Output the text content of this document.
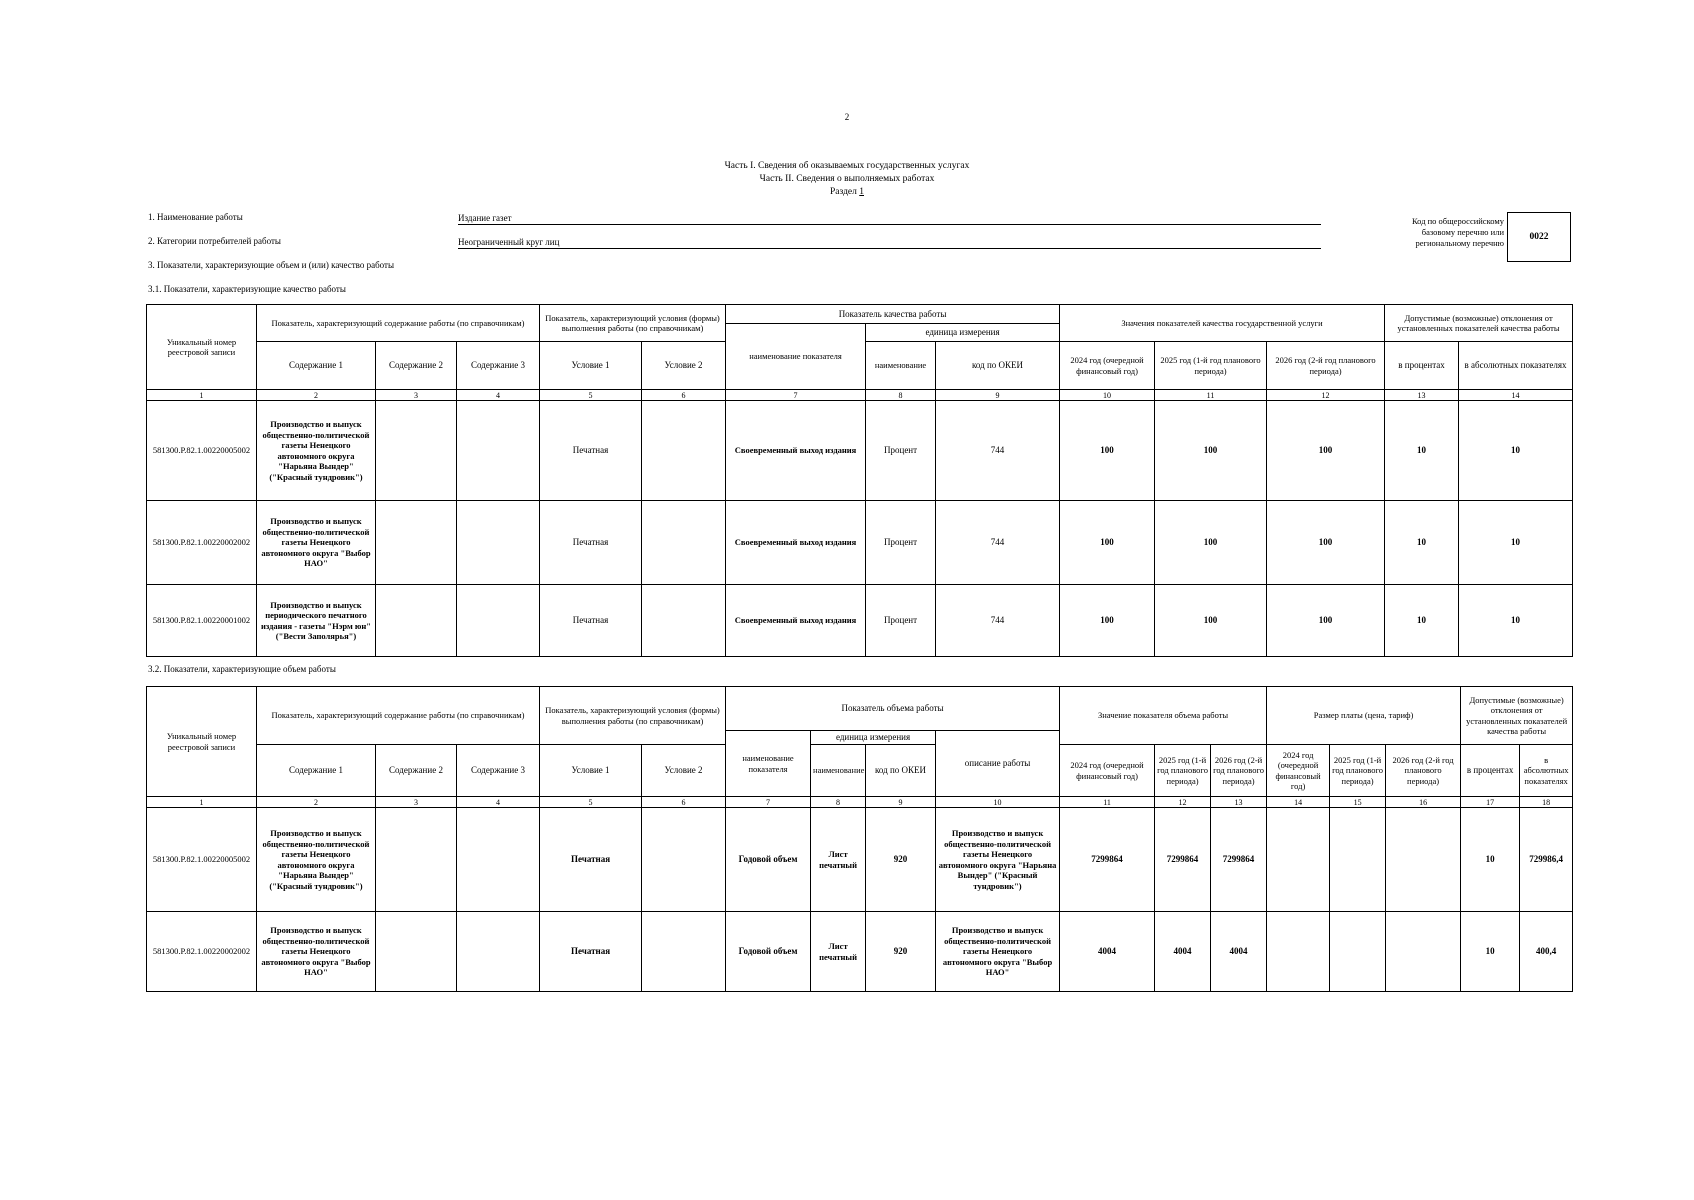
2
Часть I. Сведения об оказываемых государственных услугах
Часть II. Сведения о выполняемых работах
Раздел 1
1. Наименование работы	Издание газет
2. Категории потребителей работы	Неограниченный круг лиц
3. Показатели, характеризующие объем и (или) качество работы
3.1. Показатели, характеризующие качество работы
Код по общероссийскому базовому перечню или региональному перечню
0022
Уникальный номер реестровой записи	Показатель, характеризующий содержание работы (по справочникам)			Показатель, характеризующий условия (формы) выполнения работы (по справочникам)		Показатель качества работы			Значения показателей качества государственной услуги			Допустимые (возможные) отклонения от установленных показателей качества работы	
						наименование показателя	единица измерения						
	Содержание 1	Содержание 2	Содержание 3	Условие 1	Условие 2		наименование	код по ОКЕИ	2024 год (очередной финансовый год)	2025 год (1-й год планового периода)	2026 год (2-й год планового периода)	в процентах	в абсолютных показателях
1	2	3	4	5	6	7	8	9	10	11	12	13	14
581300.Р.82.1.00220005002	Производство и выпуск общественно-политической газеты Ненецкого автономного округа "Нарьяна Вындер" ("Красный тундровик")			Печатная		Своевременный выход издания	Процент	744	100	100	100	10	10
581300.Р.82.1.00220002002	Производство и выпуск общественно-политической газеты Ненецкого автономного округа "Выбор НАО"			Печатная		Своевременный выход издания	Процент	744	100	100	100	10	10
581300.Р.82.1.00220001002	Производство и выпуск периодического печатного издания - газеты "Нэрм юн" ("Вести Заполярья")			Печатная		Своевременный выход издания	Процент	744	100	100	100	10	10
3.2. Показатели, характеризующие объем работы
Уникальный номер реестровой записи	Показатель, характеризующий содержание работы (по справочникам)			Показатель, характеризующий условия (формы) выполнения работы (по справочникам)		Показатель объема работы				Значение показателя объема работы			Размер платы (цена, тариф)			Допустимые (возможные) отклонения от установленных показателей качества работы	
						наименование показателя	единица измерения		описание работы								
	Содержание 1	Содержание 2	Содержание 3	Условие 1	Условие 2		наименование	код по ОКЕИ		2024 год (очередной финансовый год)	2025 год (1-й год планового периода)	2026 год (2-й год планового периода)	2024 год (очередной финансовый год)	2025 год (1-й год планового периода)	2026 год (2-й год планового периода)	в процентах	в абсолютных показателях
1	2	3	4	5	6	7	8	9	10	11	12	13	14	15	16	17	18
581300.Р.82.1.00220005002	Производство и выпуск общественно-политической газеты Ненецкого автономного округа "Нарьяна Вындер" ("Красный тундровик")			Печатная		Годовой объем	Лист печатный	920	Производство и выпуск общественно-политической газеты Ненецкого автономного округа "Нарьяна Вындер" ("Красный тундровик")	7299864	7299864	7299864				10	729986,4
581300.Р.82.1.00220002002	Производство и выпуск общественно-политической газеты Ненецкого автономного округа "Выбор НАО"			Печатная		Годовой объем	Лист печатный	920	Производство и выпуск общественно-политической газеты Ненецкого автономного округа "Выбор НАО"	4004	4004	4004				10	400,4
